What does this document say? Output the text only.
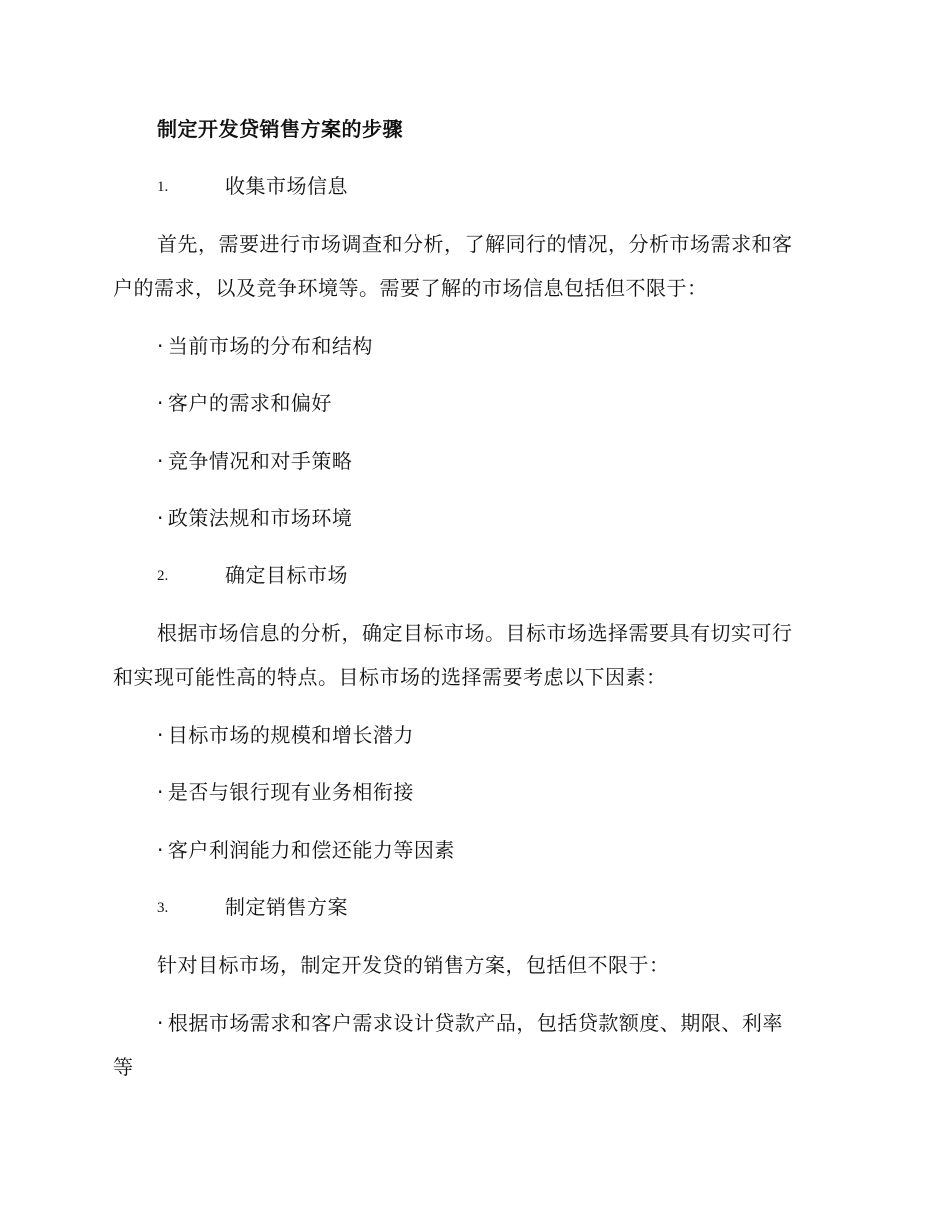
制定开发贷销售方案的步骤
1.	收集市场信息
首先，需要进行市场调查和分析，了解同行的情况，分析市场需求和客
户的需求，以及竞争环境等。需要了解的市场信息包括但不限于：
· 当前市场的分布和结构
· 客户的需求和偏好
· 竞争情况和对手策略
· 政策法规和市场环境
2.	确定目标市场
根据市场信息的分析，确定目标市场。目标市场选择需要具有切实可行
和实现可能性高的特点。目标市场的选择需要考虑以下因素：
· 目标市场的规模和增长潜力
· 是否与银行现有业务相衔接
· 客户利润能力和偿还能力等因素
3.	制定销售方案
针对目标市场，制定开发贷的销售方案，包括但不限于：
· 根据市场需求和客户需求设计贷款产品，包括贷款额度、期限、利率
等
